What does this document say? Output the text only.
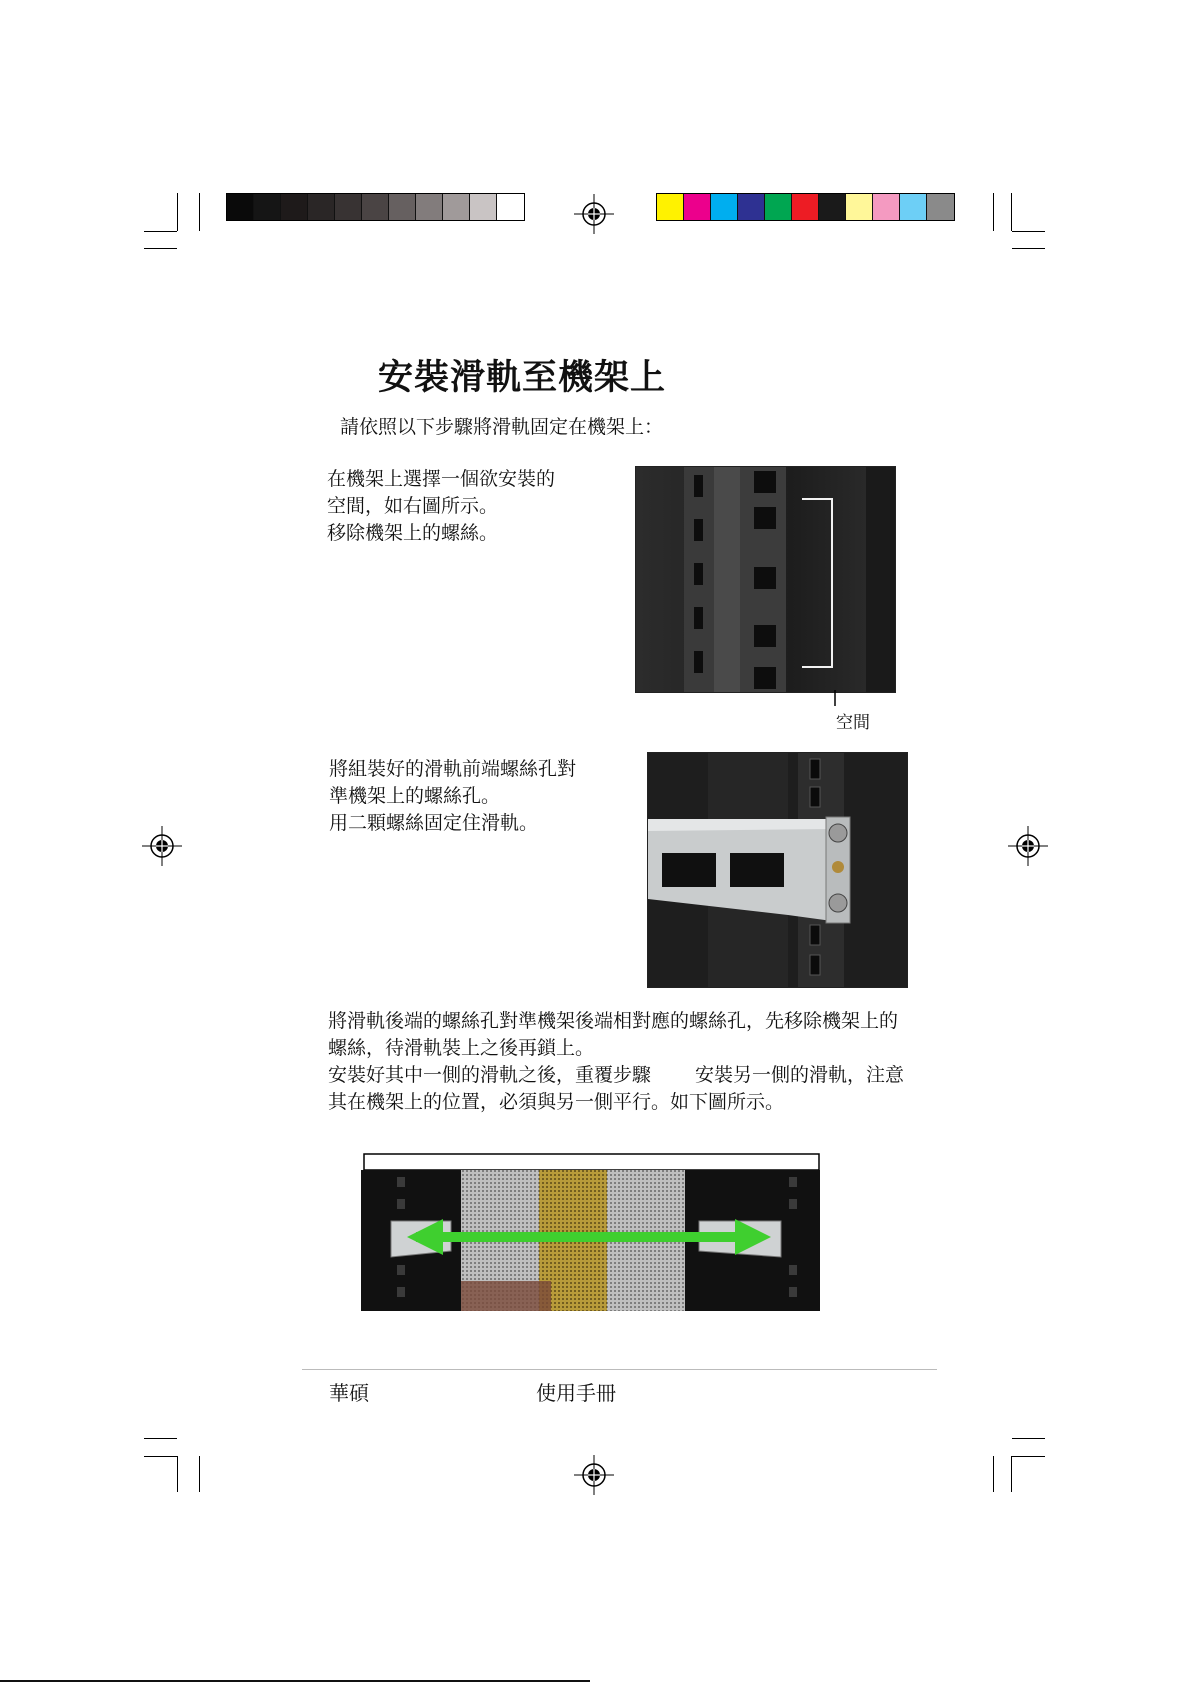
安裝滑軌至機架上
請依照以下步驟將滑軌固定在機架上：
在機架上選擇一個欲安裝的
空間，如右圖所示。
移除機架上的螺絲。
空間
將組裝好的滑軌前端螺絲孔對
準機架上的螺絲孔。
用二顆螺絲固定住滑軌。
將滑軌後端的螺絲孔對準機架後端相對應的螺絲孔，先移除機架上的
螺絲，待滑軌裝上之後再鎖上。
安裝好其中一側的滑軌之後，重覆步驟　　 安裝另一側的滑軌，注意
其在機架上的位置，必須與另一側平行。如下圖所示。
華碩	使用手冊
